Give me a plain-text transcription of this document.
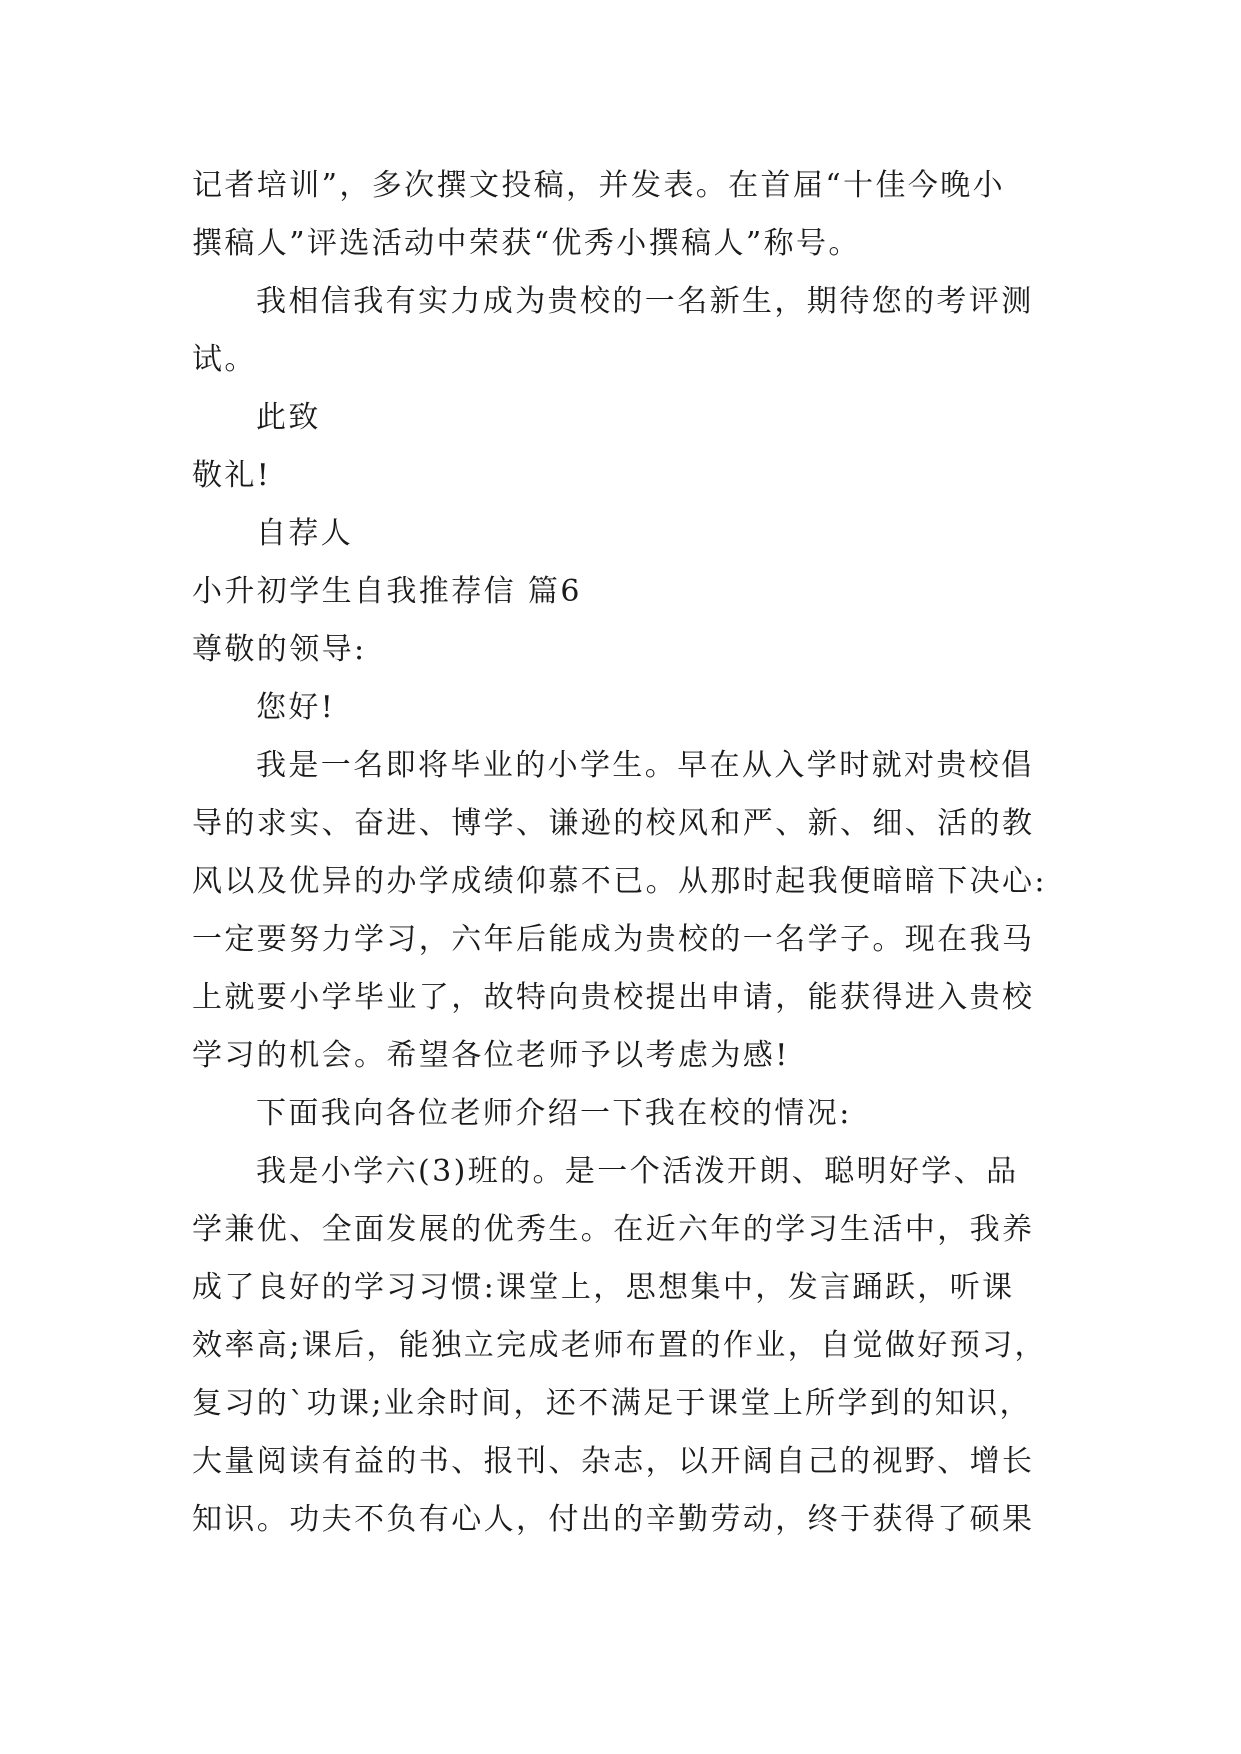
记者培训”，多次撰文投稿，并发表。在首届“十佳今晚小
撰稿人”评选活动中荣获“优秀小撰稿人”称号。
我相信我有实力成为贵校的一名新生，期待您的考评测
试。
此致
敬礼!
自荐人
小升初学生自我推荐信 篇6
尊敬的领导:
您好!
我是一名即将毕业的小学生。早在从入学时就对贵校倡
导的求实、奋进、博学、谦逊的校风和严、新、细、活的教
风以及优异的办学成绩仰慕不已。从那时起我便暗暗下决心:
一定要努力学习，六年后能成为贵校的一名学子。现在我马
上就要小学毕业了，故特向贵校提出申请，能获得进入贵校
学习的机会。希望各位老师予以考虑为感!
下面我向各位老师介绍一下我在校的情况:
我是小学六(3)班的。是一个活泼开朗、聪明好学、品
学兼优、全面发展的优秀生。在近六年的学习生活中，我养
成了良好的学习习惯:课堂上，思想集中，发言踊跃，听课
效率高;课后，能独立完成老师布置的作业，自觉做好预习，
复习的`功课;业余时间，还不满足于课堂上所学到的知识，
大量阅读有益的书、报刊、杂志，以开阔自己的视野、增长
知识。功夫不负有心人，付出的辛勤劳动，终于获得了硕果
